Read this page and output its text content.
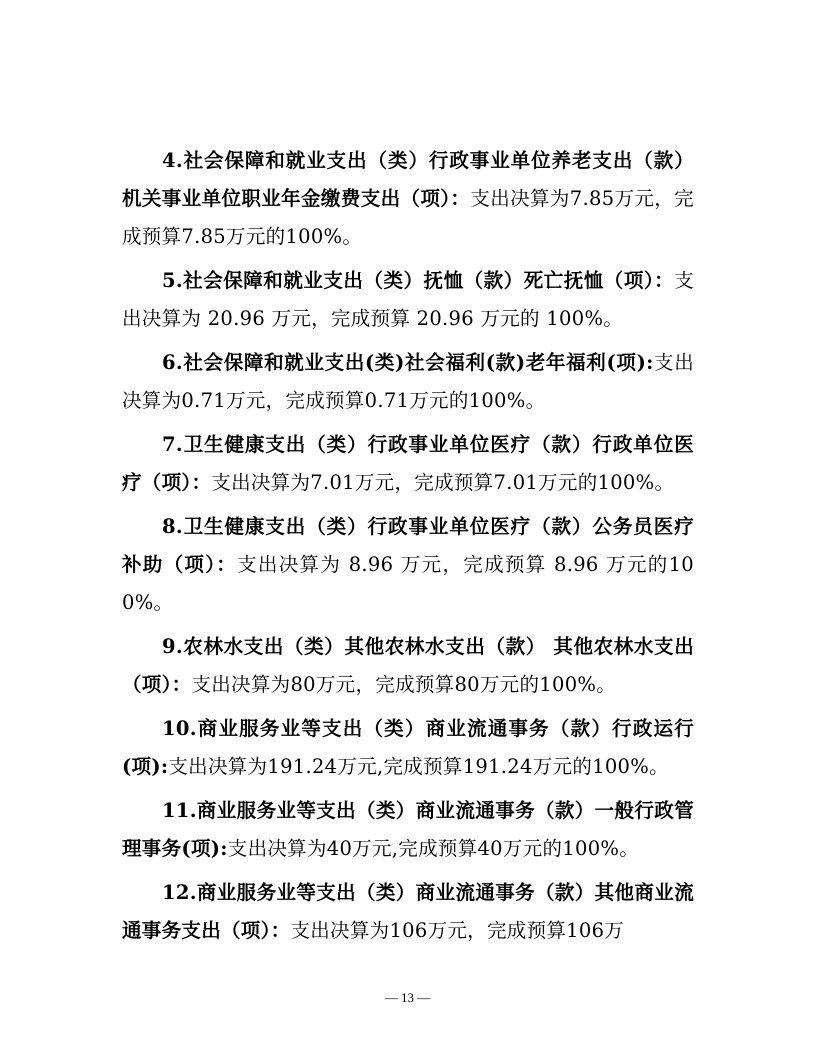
4.社会保障和就业支出（类）行政事业单位养老支出（款）机关事业单位职业年金缴费支出（项）：支出决算为7.85万元，完成预算7.85万元的100%。

5.社会保障和就业支出（类）抚恤（款）死亡抚恤（项）：支出决算为 20.96 万元，完成预算 20.96 万元的 100%。

6.社会保障和就业支出(类)社会福利(款)老年福利(项):支出决算为0.71万元，完成预算0.71万元的100%。

7.卫生健康支出（类）行政事业单位医疗（款）行政单位医疗（项）：支出决算为7.01万元，完成预算7.01万元的100%。

8.卫生健康支出（类）行政事业单位医疗（款）公务员医疗补助（项）：支出决算为 8.96 万元，完成预算 8.96 万元的100%。

9.农林水支出（类）其他农林水支出（款） 其他农林水支出（项）：支出决算为80万元，完成预算80万元的100%。

10.商业服务业等支出（类）商业流通事务（款）行政运行(项):支出决算为191.24万元,完成预算191.24万元的100%。

11.商业服务业等支出（类）商业流通事务（款）一般行政管理事务(项):支出决算为40万元,完成预算40万元的100%。

12.商业服务业等支出（类）商业流通事务（款）其他商业流通事务支出（项）：支出决算为106万元，完成预算106万

— 13 —
